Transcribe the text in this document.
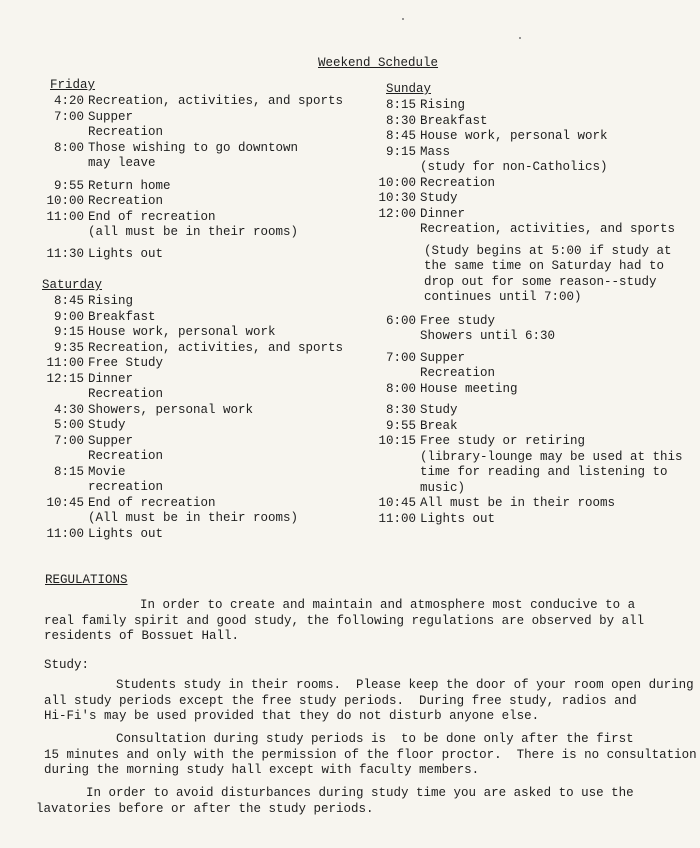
Weekend Schedule
Friday
4:20 Recreation, activities, and sports
7:00 Supper
Recreation
8:00 Those wishing to go downtown
may leave
9:55 Return home
10:00 Recreation
11:00 End of recreation
(all must be in their rooms)
11:30 Lights out
Saturday
8:45 Rising
9:00 Breakfast
9:15 House work, personal work
9:35 Recreation, activities, and sports
11:00 Free Study
12:15 Dinner
Recreation
4:30 Showers, personal work
5:00 Study
7:00 Supper
Recreation
8:15 Movie
recreation
10:45 End of recreation
(All must be in their rooms)
11:00 Lights out
Sunday
8:15 Rising
8:30 Breakfast
8:45 House work, personal work
9:15 Mass
(study for non-Catholics)
10:00 Recreation
10:30 Study
12:00 Dinner
Recreation, activities, and sports
(Study begins at 5:00 if study at
the same time on Saturday had to
drop out for some reason--study
continues until 7:00)
6:00 Free study
Showers until 6:30
7:00 Supper
Recreation
8:00 House meeting
8:30 Study
9:55 Break
10:15 Free study or retiring
(library-lounge may be used at this
time for reading and listening to
music)
10:45 All must be in their rooms
11:00 Lights out
REGULATIONS
In order to create and maintain and atmosphere most conducive to a
real family spirit and good study, the following regulations are observed by all
residents of Bossuet Hall.
Study:
Students study in their rooms.  Please keep the door of your room open during
all study periods except the free study periods.  During free study, radios and
Hi-Fi's may be used provided that they do not disturb anyone else.
Consultation during study periods is  to be done only after the first
15 minutes and only with the permission of the floor proctor.  There is no consultation
during the morning study hall except with faculty members.
In order to avoid disturbances during study time you are asked to use the
lavatories before or after the study periods.
